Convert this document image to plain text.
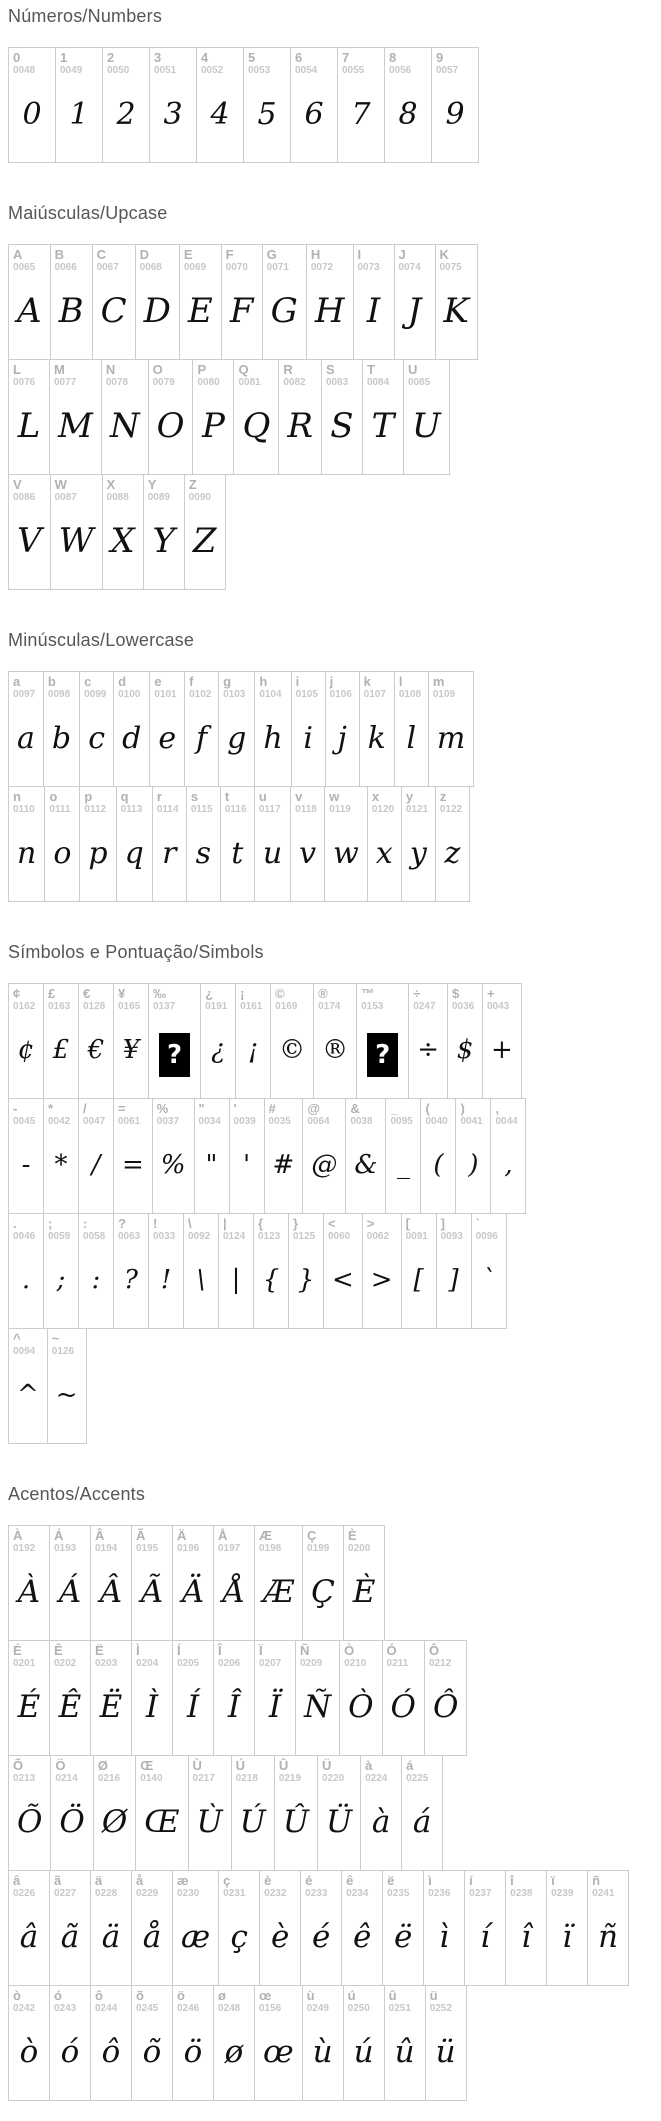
Números/Numbers
0
0048
0
1
0049
1
2
0050
2
3
0051
3
4
0052
4
5
0053
5
6
0054
6
7
0055
7
8
0056
8
9
0057
9
Maiúsculas/Upcase
A
0065
A
B
0066
B
C
0067
C
D
0068
D
E
0069
E
F
0070
F
G
0071
G
H
0072
H
I
0073
I
J
0074
J
K
0075
K
L
0076
L
M
0077
M
N
0078
N
O
0079
O
P
0080
P
Q
0081
Q
R
0082
R
S
0083
S
T
0084
T
U
0085
U
V
0086
V
W
0087
W
X
0088
X
Y
0089
Y
Z
0090
Z
Minúsculas/Lowercase
a
0097
a
b
0098
b
c
0099
c
d
0100
d
e
0101
e
f
0102
f
g
0103
g
h
0104
h
i
0105
i
j
0106
j
k
0107
k
l
0108
l
m
0109
m
n
0110
n
o
0111
o
p
0112
p
q
0113
q
r
0114
r
s
0115
s
t
0116
t
u
0117
u
v
0118
v
w
0119
w
x
0120
x
y
0121
y
z
0122
z
Símbolos e Pontuação/Simbols
¢
0162
¢
£
0163
£
€
0128
€
¥
0165
¥
‰
0137
?
¿
0191
¿
¡
0161
¡
©
0169
©
®
0174
®
™
0153
?
÷
0247
÷
$
0036
$
+
0043
+
-
0045
-
*
0042
*
/
0047
/
=
0061
=
%
0037
%
"
0034
"
'
0039
'
#
0035
#
@
0064
@
&
0038
&
_
0095
_
(
0040
(
)
0041
)
,
0044
,
.
0046
.
;
0059
;
:
0058
:
?
0063
?
!
0033
!
\
0092
\
|
0124
|
{
0123
{
}
0125
}
<
0060
<
>
0062
>
[
0091
[
]
0093
]
`
0096
`
^
0094
^
~
0126
~
Acentos/Accents
À
0192
À
Á
0193
Á
Â
0194
Â
Ã
0195
Ã
Ä
0196
Ä
Å
0197
Å
Æ
0198
Æ
Ç
0199
Ç
È
0200
È
É
0201
É
Ê
0202
Ê
Ë
0203
Ë
Ì
0204
Ì
Í
0205
Í
Î
0206
Î
Ï
0207
Ï
Ñ
0209
Ñ
Ò
0210
Ò
Ó
0211
Ó
Ô
0212
Ô
Õ
0213
Õ
Ö
0214
Ö
Ø
0216
Ø
Œ
0140
Œ
Ù
0217
Ù
Ú
0218
Ú
Û
0219
Û
Ü
0220
Ü
à
0224
à
á
0225
á
â
0226
â
ã
0227
ã
ä
0228
ä
å
0229
å
æ
0230
æ
ç
0231
ç
è
0232
è
é
0233
é
ê
0234
ê
ë
0235
ë
ì
0236
ì
í
0237
í
î
0238
î
ï
0239
ï
ñ
0241
ñ
ò
0242
ò
ó
0243
ó
ô
0244
ô
õ
0245
õ
ö
0246
ö
ø
0248
ø
œ
0156
œ
ù
0249
ù
ú
0250
ú
û
0251
û
ü
0252
ü
